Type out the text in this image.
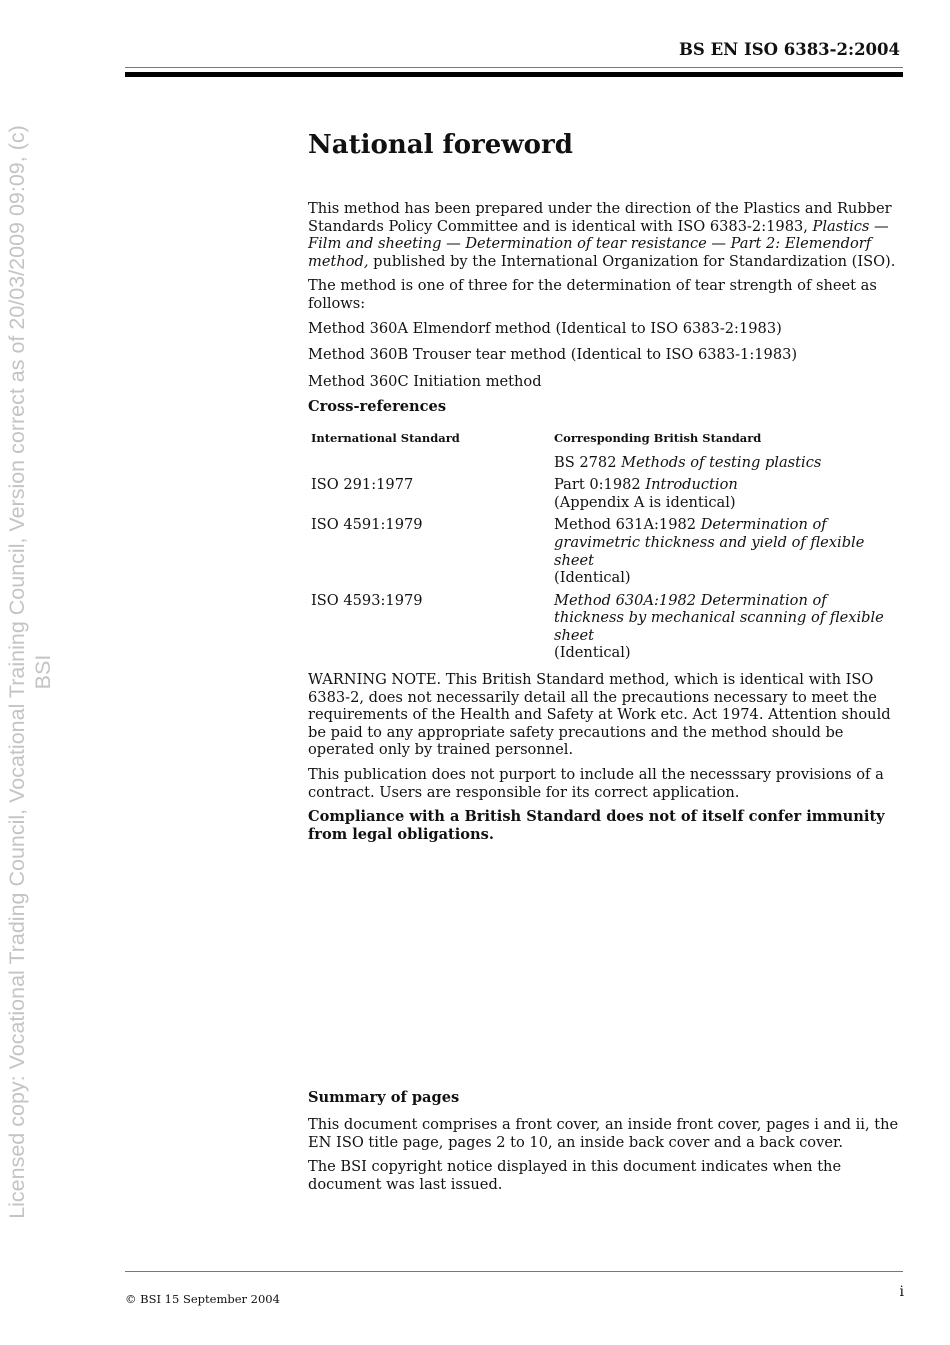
Licensed copy: Vocational Trading Council, Vocational Training Council, Version correct as of 20/03/2009 09:09, (c) BSI
BS EN ISO 6383-2:2004
National foreword

This method has been prepared under the direction of the Plastics and Rubber Standards Policy Committee and is identical with ISO 6383-2:1983, Plastics — Film and sheeting — Determination of tear resistance — Part 2: Elemendorf method, published by the International Organization for Standardization (ISO).

The method is one of three for the determination of tear strength of sheet as follows:

Method 360A Elmendorf method (Identical to ISO 6383-2:1983)

Method 360B Trouser tear method (Identical to ISO 6383-1:1983)

Method 360C Initiation method

Cross-references

International Standard	Corresponding British Standard
	BS 2782 Methods of testing plastics
ISO 291:1977	Part 0:1982 Introduction
(Appendix A is identical)

ISO 4591:1979	Method 631A:1982 Determination of gravimetric thickness and yield of flexible sheet
(Identical)

ISO 4593:1979	Method 630A:1982 Determination of thickness by mechanical scanning of flexible sheet
(Identical)

WARNING NOTE. This British Standard method, which is identical with ISO 6383-2, does not necessarily detail all the precautions necessary to meet the requirements of the Health and Safety at Work etc. Act 1974. Attention should be paid to any appropriate safety precautions and the method should be operated only by trained personnel.

This publication does not purport to include all the necesssary provisions of a contract. Users are responsible for its correct application.

Compliance with a British Standard does not of itself confer immunity from legal obligations.

Summary of pages

This document comprises a front cover, an inside front cover, pages i and ii, the EN ISO title page, pages 2 to 10, an inside back cover and a back cover.

The BSI copyright notice displayed in this document indicates when the document was last issued.

© BSI 15 September 2004	i
